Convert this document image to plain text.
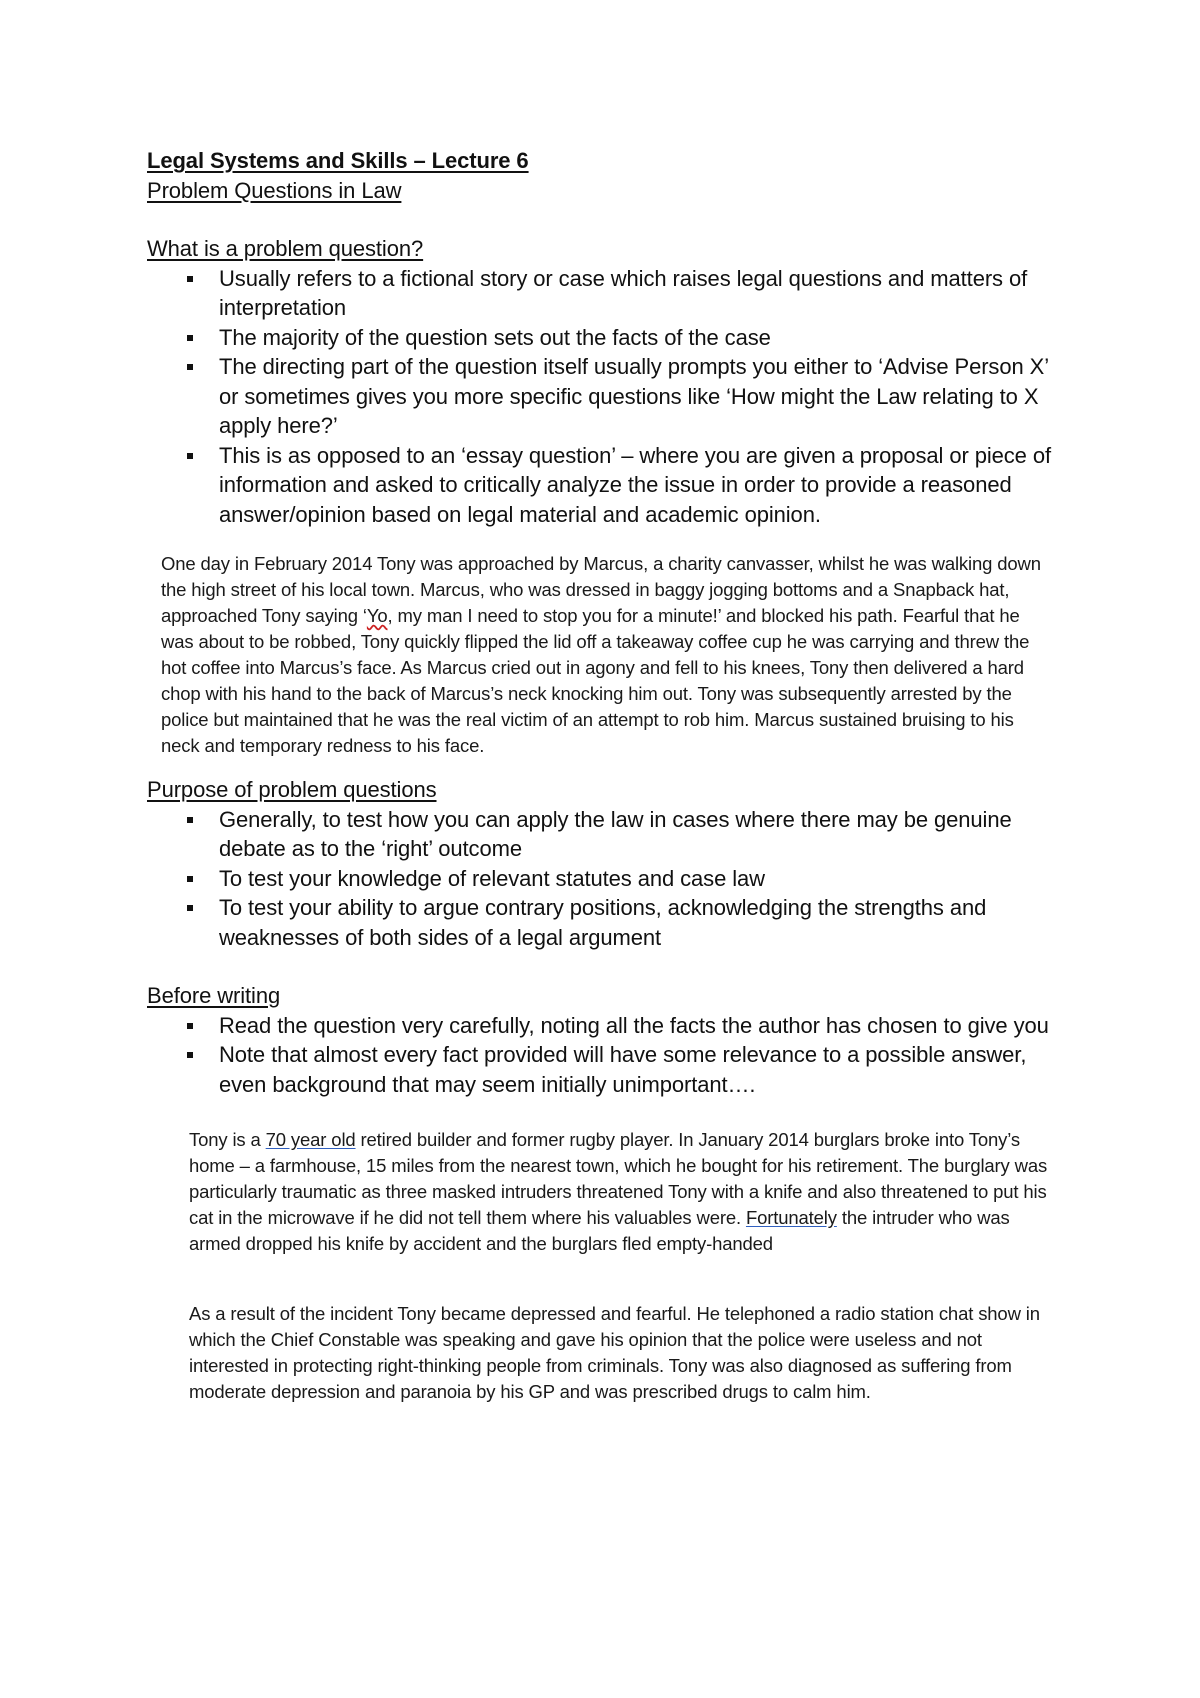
Legal Systems and Skills – Lecture 6
Problem Questions in Law
What is a problem question?
Usually refers to a fictional story or case which raises legal questions and matters of interpretation
The majority of the question sets out the facts of the case
The directing part of the question itself usually prompts you either to ‘Advise Person X’ or sometimes gives you more specific questions like ‘How might the Law relating to X apply here?’
This is as opposed to an ‘essay question’ – where you are given a proposal or piece of information and asked to critically analyze the issue in order to provide a reasoned answer/opinion based on legal material and academic opinion.

One day in February 2014 Tony was approached by Marcus, a charity canvasser, whilst he was walking down the high street of his local town. Marcus, who was dressed in baggy jogging bottoms and a Snapback hat, approached Tony saying ‘Yo, my man I need to stop you for a minute!’ and blocked his path. Fearful that he was about to be robbed, Tony quickly flipped the lid off a takeaway coffee cup he was carrying and threw the hot coffee into Marcus’s face. As Marcus cried out in agony and fell to his knees, Tony then delivered a hard chop with his hand to the back of Marcus’s neck knocking him out. Tony was subsequently arrested by the police but maintained that he was the real victim of an attempt to rob him. Marcus sustained bruising to his neck and temporary redness to his face.

Purpose of problem questions
Generally, to test how you can apply the law in cases where there may be genuine debate as to the ‘right’ outcome
To test your knowledge of relevant statutes and case law
To test your ability to argue contrary positions, acknowledging the strengths and weaknesses of both sides of a legal argument
Before writing
Read the question very carefully, noting all the facts the author has chosen to give you
Note that almost every fact provided will have some relevance to a possible answer, even background that may seem initially unimportant….

Tony is a 70 year old retired builder and former rugby player. In January 2014 burglars broke into Tony’s home – a farmhouse, 15 miles from the nearest town, which he bought for his retirement. The burglary was particularly traumatic as three masked intruders threatened Tony with a knife and also threatened to put his cat in the microwave if he did not tell them where his valuables were. Fortunately the intruder who was armed dropped his knife by accident and the burglars fled empty-handed

As a result of the incident Tony became depressed and fearful. He telephoned a radio station chat show in which the Chief Constable was speaking and gave his opinion that the police were useless and not interested in protecting right-thinking people from criminals. Tony was also diagnosed as suffering from moderate depression and paranoia by his GP and was prescribed drugs to calm him.
